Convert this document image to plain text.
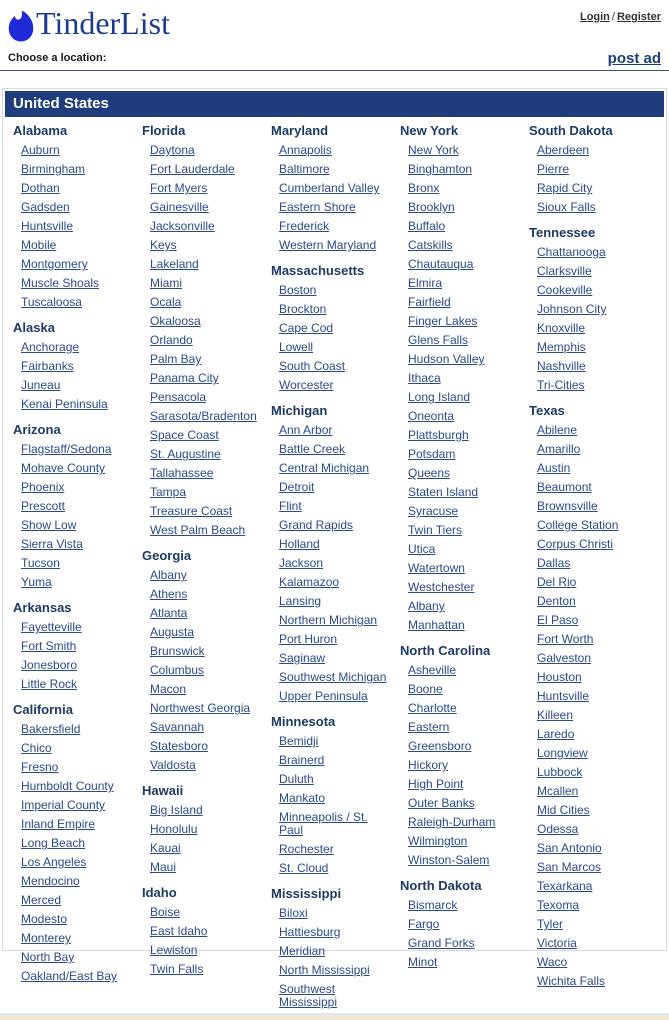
TinderList	Login / Register
Choose a location:	post ad
United States
Alabama
Auburn
Birmingham
Dothan
Gadsden
Huntsville
Mobile
Montgomery
Muscle Shoals
Tuscaloosa
Alaska
Anchorage
Fairbanks
Juneau
Kenai Peninsula
Arizona
Flagstaff/Sedona
Mohave County
Phoenix
Prescott
Show Low
Sierra Vista
Tucson
Yuma
Arkansas
Fayetteville
Fort Smith
Jonesboro
Little Rock
California
Bakersfield
Chico
Fresno
Humboldt County
Imperial County
Inland Empire
Long Beach
Los Angeles
Mendocino
Merced
Modesto
Monterey
North Bay
Oakland/East Bay
Florida
Daytona
Fort Lauderdale
Fort Myers
Gainesville
Jacksonville
Keys
Lakeland
Miami
Ocala
Okaloosa
Orlando
Palm Bay
Panama City
Pensacola
Sarasota/Bradenton
Space Coast
St. Augustine
Tallahassee
Tampa
Treasure Coast
West Palm Beach
Georgia
Albany
Athens
Atlanta
Augusta
Brunswick
Columbus
Macon
Northwest Georgia
Savannah
Statesboro
Valdosta
Hawaii
Big Island
Honolulu
Kauai
Maui
Idaho
Boise
East Idaho
Lewiston
Twin Falls
Maryland
Annapolis
Baltimore
Cumberland Valley
Eastern Shore
Frederick
Western Maryland
Massachusetts
Boston
Brockton
Cape Cod
Lowell
South Coast
Worcester
Michigan
Ann Arbor
Battle Creek
Central Michigan
Detroit
Flint
Grand Rapids
Holland
Jackson
Kalamazoo
Lansing
Northern Michigan
Port Huron
Saginaw
Southwest Michigan
Upper Peninsula
Minnesota
Bemidji
Brainerd
Duluth
Mankato
Minneapolis / St. Paul
Rochester
St. Cloud
Mississippi
Biloxi
Hattiesburg
Meridian
North Mississippi
Southwest Mississippi
New York
New York
Binghamton
Bronx
Brooklyn
Buffalo
Catskills
Chautauqua
Elmira
Fairfield
Finger Lakes
Glens Falls
Hudson Valley
Ithaca
Long Island
Oneonta
Plattsburgh
Potsdam
Queens
Staten Island
Syracuse
Twin Tiers
Utica
Watertown
Westchester
Albany
Manhattan
North Carolina
Asheville
Boone
Charlotte
Eastern
Greensboro
Hickory
High Point
Outer Banks
Raleigh-Durham
Wilmington
Winston-Salem
North Dakota
Bismarck
Fargo
Grand Forks
Minot
South Dakota
Aberdeen
Pierre
Rapid City
Sioux Falls
Tennessee
Chattanooga
Clarksville
Cookeville
Johnson City
Knoxville
Memphis
Nashville
Tri-Cities
Texas
Abilene
Amarillo
Austin
Beaumont
Brownsville
College Station
Corpus Christi
Dallas
Del Rio
Denton
El Paso
Fort Worth
Galveston
Houston
Huntsville
Killeen
Laredo
Longview
Lubbock
Mcallen
Mid Cities
Odessa
San Antonio
San Marcos
Texarkana
Texoma
Tyler
Victoria
Waco
Wichita Falls
